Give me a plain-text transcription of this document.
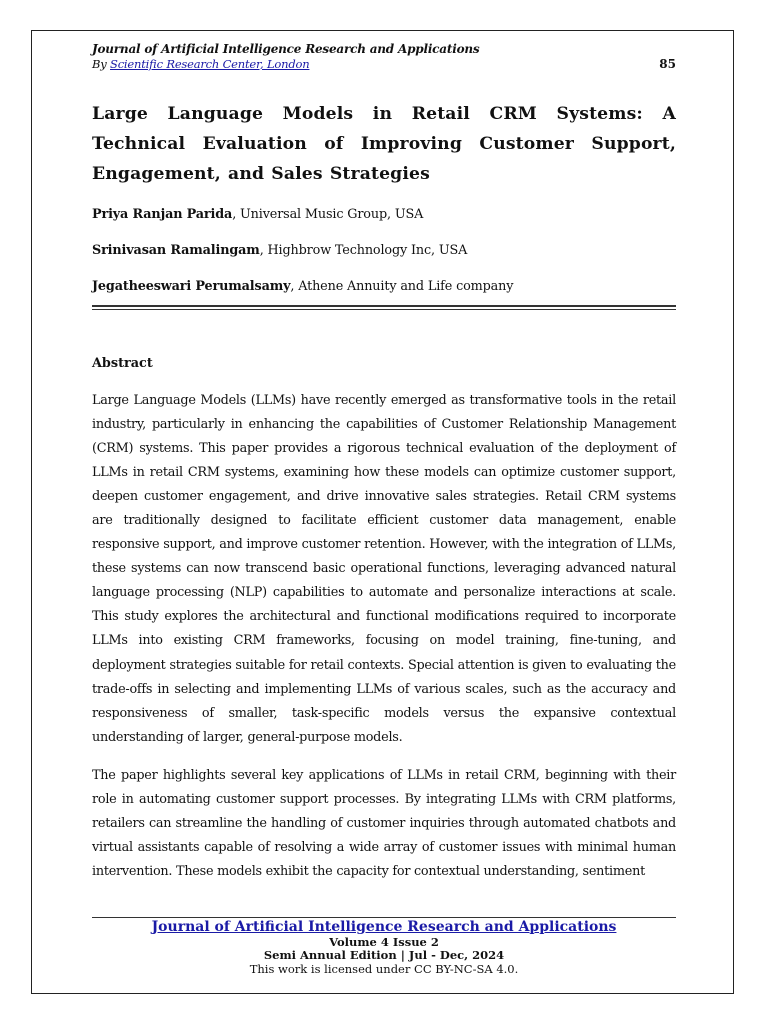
Journal of Artificial Intelligence Research and Applications
By Scientific Research Center, London	85
Large Language Models in Retail CRM Systems: A Technical Evaluation of Improving Customer Support, Engagement, and Sales Strategies
Priya Ranjan Parida, Universal Music Group, USA
Srinivasan Ramalingam, Highbrow Technology Inc, USA
Jegatheeswari Perumalsamy, Athene Annuity and Life company
Abstract
Large Language Models (LLMs) have recently emerged as transformative tools in the retail industry, particularly in enhancing the capabilities of Customer Relationship Management (CRM) systems. This paper provides a rigorous technical evaluation of the deployment of LLMs in retail CRM systems, examining how these models can optimize customer support, deepen customer engagement, and drive innovative sales strategies. Retail CRM systems are traditionally designed to facilitate efficient customer data management, enable responsive support, and improve customer retention. However, with the integration of LLMs, these systems can now transcend basic operational functions, leveraging advanced natural language processing (NLP) capabilities to automate and personalize interactions at scale. This study explores the architectural and functional modifications required to incorporate LLMs into existing CRM frameworks, focusing on model training, fine-tuning, and deployment strategies suitable for retail contexts. Special attention is given to evaluating the trade-offs in selecting and implementing LLMs of various scales, such as the accuracy and responsiveness of smaller, task-specific models versus the expansive contextual understanding of larger, general-purpose models.
The paper highlights several key applications of LLMs in retail CRM, beginning with their role in automating customer support processes. By integrating LLMs with CRM platforms, retailers can streamline the handling of customer inquiries through automated chatbots and virtual assistants capable of resolving a wide array of customer issues with minimal human intervention. These models exhibit the capacity for contextual understanding, sentiment
Journal of Artificial Intelligence Research and Applications
Volume 4 Issue 2
Semi Annual Edition | Jul - Dec, 2024
This work is licensed under CC BY-NC-SA 4.0.
